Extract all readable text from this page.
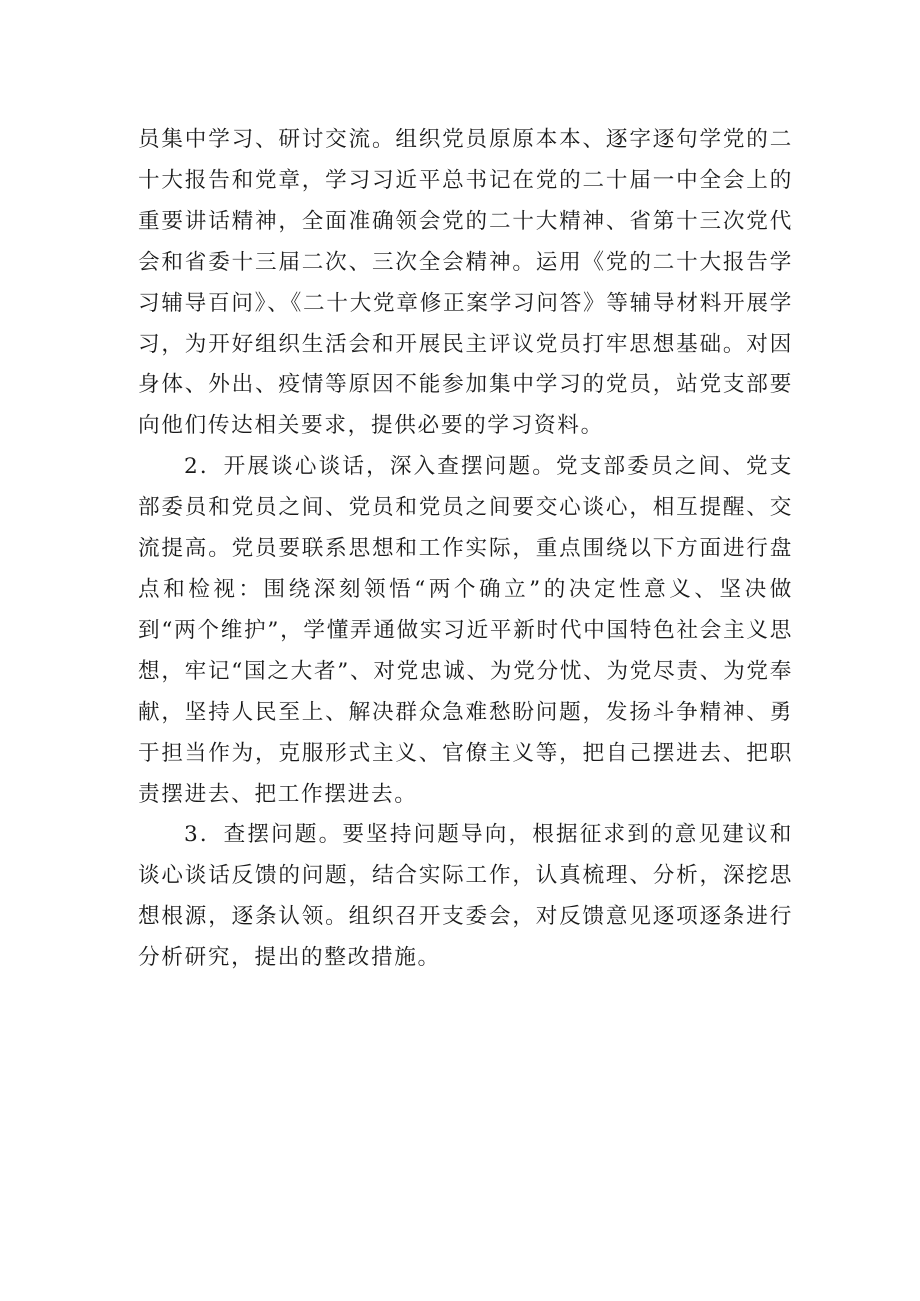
员集中学习、研讨交流。组织党员原原本本、逐字逐句学党的二十大报告和党章，学习习近平总书记在党的二十届一中全会上的重要讲话精神，全面准确领会党的二十大精神、省第十三次党代会和省委十三届二次、三次全会精神。运用《党的二十大报告学习辅导百问》、《二十大党章修正案学习问答》等辅导材料开展学习，为开好组织生活会和开展民主评议党员打牢思想基础。对因身体、外出、疫情等原因不能参加集中学习的党员，站党支部要向他们传达相关要求，提供必要的学习资料。

2．开展谈心谈话，深入查摆问题。党支部委员之间、党支部委员和党员之间、党员和党员之间要交心谈心，相互提醒、交流提高。党员要联系思想和工作实际，重点围绕以下方面进行盘点和检视：围绕深刻领悟“两个确立”的决定性意义、坚决做到“两个维护”，学懂弄通做实习近平新时代中国特色社会主义思想，牢记“国之大者”、对党忠诚、为党分忧、为党尽责、为党奉献，坚持人民至上、解决群众急难愁盼问题，发扬斗争精神、勇于担当作为，克服形式主义、官僚主义等，把自己摆进去、把职责摆进去、把工作摆进去。

3．查摆问题。要坚持问题导向，根据征求到的意见建议和谈心谈话反馈的问题，结合实际工作，认真梳理、分析，深挖思想根源，逐条认领。组织召开支委会，对反馈意见逐项逐条进行分析研究，提出的整改措施。
